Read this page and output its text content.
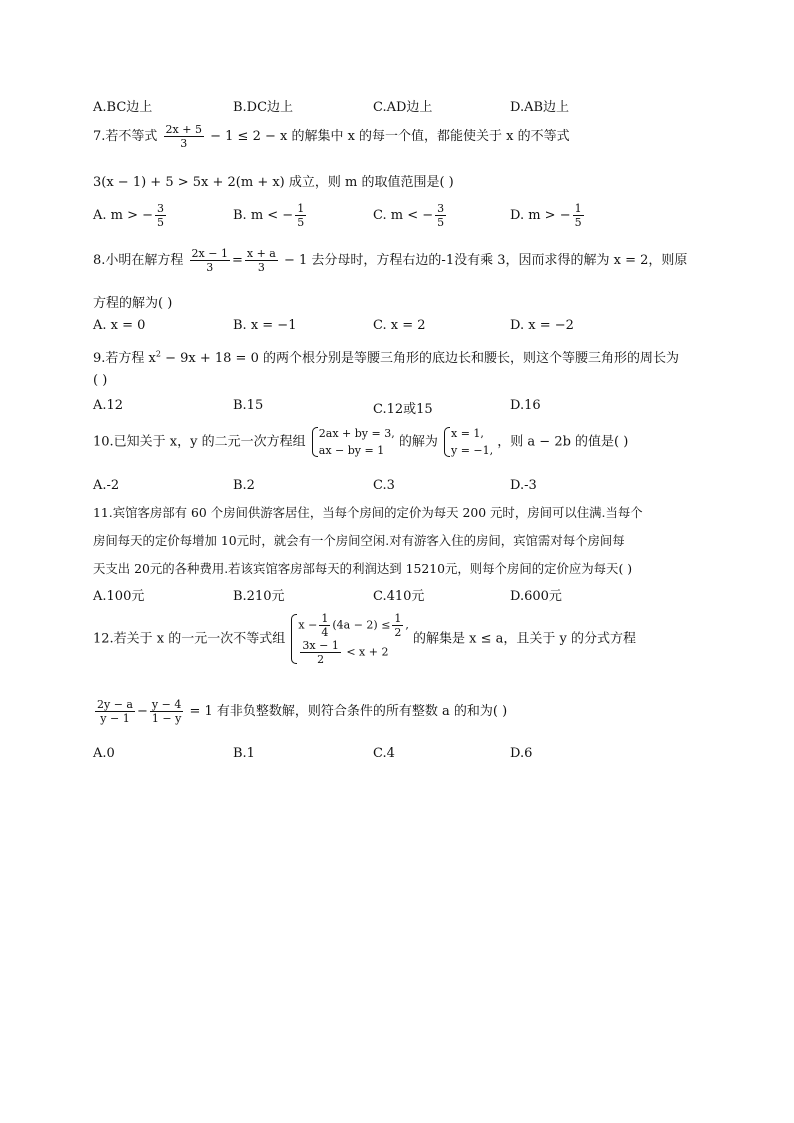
A.BC边上	B.DC边上	C.AD边上	D.AB边上
7.若不等式 $\frac{2x + 5}{3} - 1 \le 2 - x$ 的解集中 x 的每一个值，都能使关于 x 的不等式
3(x − 1) + 5 > 5x + 2(m + x) 成立，则 m 的取值范围是( )
A. m > − $\frac{3}{5}$	B. m < − $\frac{1}{5}$	C. m < − $\frac{3}{5}$	D. m > − $\frac{1}{5}$
8.小明在解方程 $\frac{2x - 1}{3} = \frac{x + a}{3} - 1$ 去分母时，方程右边的-1没有乘 3，因而求得的解为 x = 2，则原
方程的解为( )
A. x = 0	B. x = −1	C. x = 2	D. x = −2
9.若方程 $x^2 - 9x + 18 = 0$ 的两个根分别是等腰三角形的底边长和腰长，则这个等腰三角形的周长为
( )
A.12	B.15	C.12或15	D.16
10.已知关于 x，y 的二元一次方程组
2ax + by = 3,
ax − by = 1
的解为
x = 1,
y = −1,
，则 a − 2b 的值是( )
A.-2	B.2	C.3	D.-3
11.宾馆客房部有 60 个房间供游客居住，当每个房间的定价为每天 200 元时，房间可以住满.当每个
房间每天的定价每增加 10元时，就会有一个房间空闲.对有游客入住的房间，宾馆需对每个房间每
天支出 20元的各种费用.若该宾馆客房部每天的利润达到 15210元，则每个房间的定价应为每天( )
A.100元	B.210元	C.410元	D.600元
12.若关于 x 的一元一次不等式组
$x - \frac{1}{4} (4a - 2) \le \frac{1}{2}$ ,
$\frac{3x - 1}{2} < x + 2$
的解集是 x ≤ a，且关于 y 的分式方程
$\frac{2y - a}{y - 1} - \frac{y - 4}{1 - y} = 1$ 有非负整数解，则符合条件的所有整数 a 的和为( )
A.0	B.1	C.4	D.6
